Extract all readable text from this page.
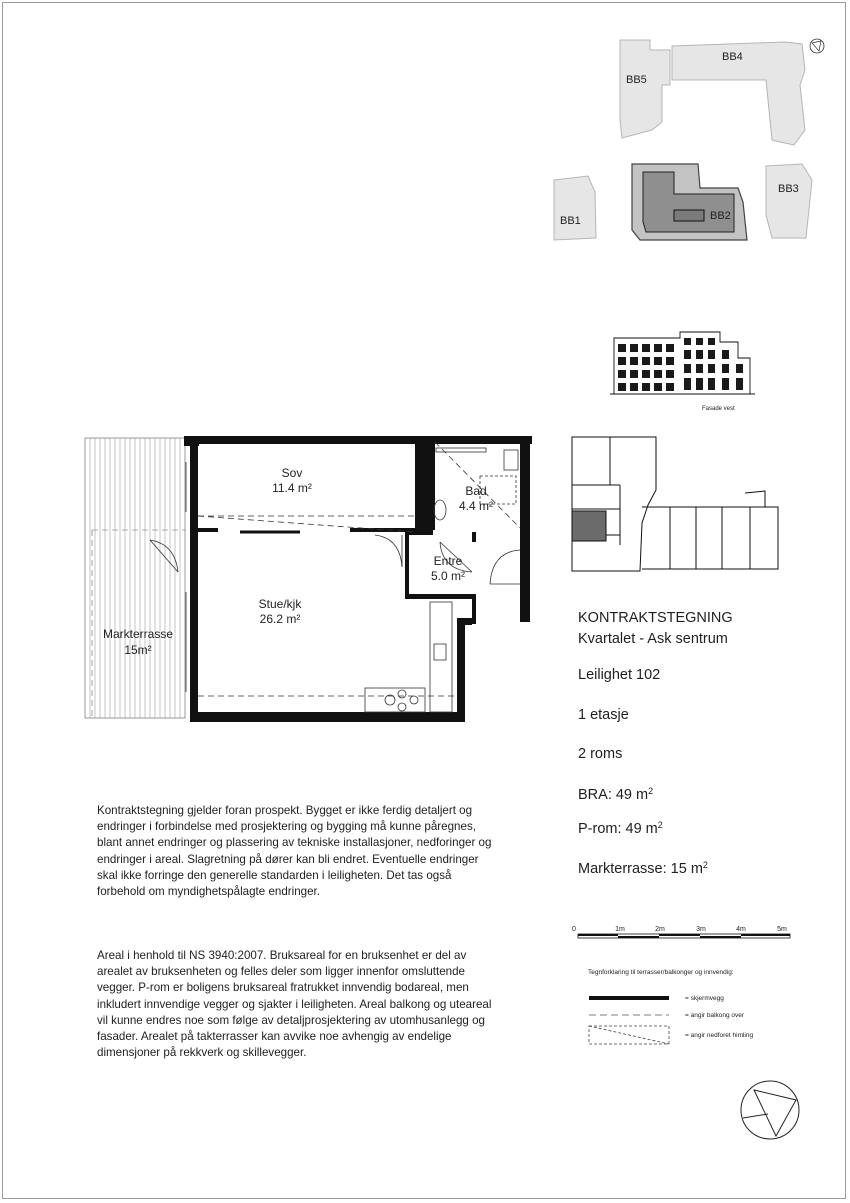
BB5
BB4
BB1	BB2
BB3
Fasade vest
Sov
11.4 m²	Bad
4.4 m²
Entre
5.0 m²
Stue/kjk
26.2 m²
Markterrasse
15m²
KONTRAKTSTEGNING
Kvartalet - Ask sentrum
Leilighet 102
1 etasje
2 roms
BRA: 49 $m^2$
P-rom: 49 $m^2$
Markterrasse: 15 $m^2$
Kontraktstegning gjelder foran prospekt. Bygget er ikke ferdig detaljert og endringer i forbindelse med prosjektering og bygging må kunne påregnes, blant annet endringer og plassering av tekniske installasjoner, nedforinger og endringer i areal. Slagretning på dører kan bli endret. Eventuelle endringer skal ikke forringe den generelle standarden i leiligheten. Det tas også forbehold om myndighetspålagte endringer.
Areal i henhold til NS 3940:2007. Bruksareal for en bruksenhet er del av arealet av bruksenheten og felles deler som ligger innenfor omsluttende vegger. P-rom er boligens bruksareal fratrukket innvendig bodareal, men inkludert innvendige vegger og sjakter i leiligheten. Areal balkong og uteareal vil kunne endres noe som følge av detaljprosjektering av utomhusanlegg og fasader. Arealet på takterrasser kan avvike noe avhengig av endelige dimensjoner på rekkverk og skillevegger.
0	1m	2m	3m	4m	5m
Tegnforklaring til terrasser/balkonger og innvendig:
= skjermvegg
= angir balkong over
= angir nedforet himling
